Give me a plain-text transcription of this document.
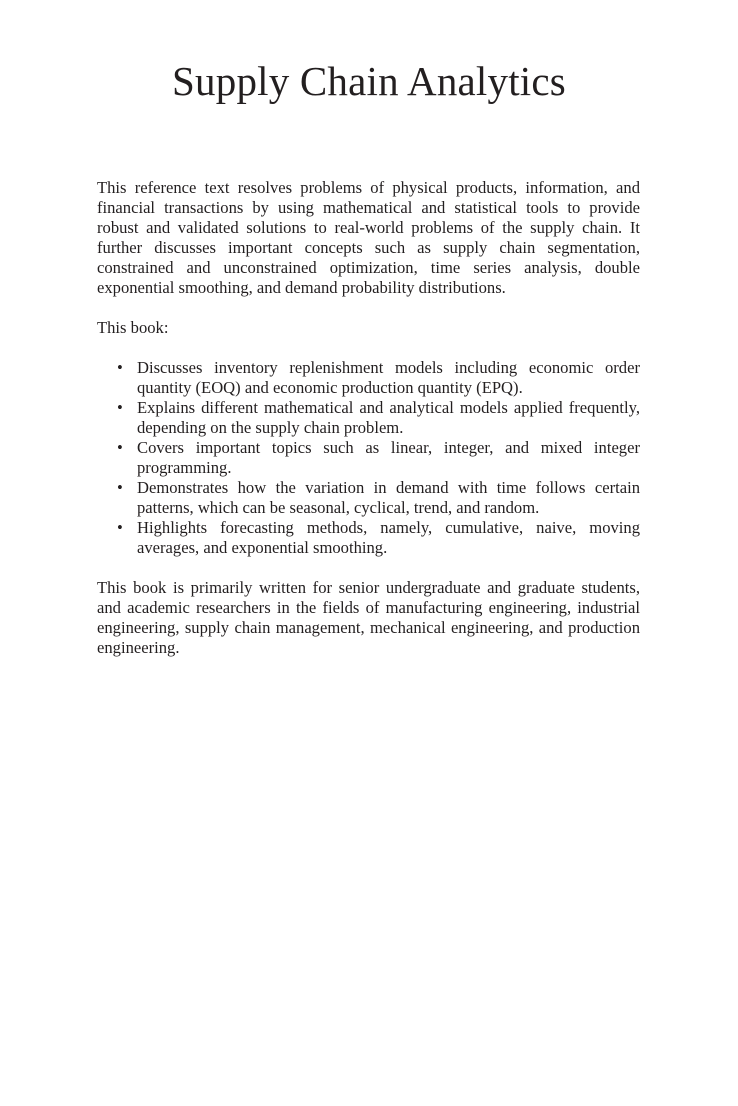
Supply Chain Analytics

This reference text resolves problems of physical products, information, and financial transactions by using mathematical and statistical tools to provide robust and validated solutions to real-world problems of the supply chain. It further discusses important concepts such as supply chain segmentation, constrained and unconstrained optimization, time series analysis, double exponential smoothing, and demand probability distributions.

This book:

• Discusses inventory replenishment models including economic order quantity (EOQ) and economic production quantity (EPQ).
• Explains different mathematical and analytical models applied frequently, depending on the supply chain problem.
• Covers important topics such as linear, integer, and mixed integer programming.
• Demonstrates how the variation in demand with time follows certain patterns, which can be seasonal, cyclical, trend, and random.
• Highlights forecasting methods, namely, cumulative, naive, moving averages, and exponential smoothing.

This book is primarily written for senior undergraduate and graduate students, and academic researchers in the fields of manufacturing engineering, industrial engineering, supply chain management, mechanical engineering, and production engineering.
